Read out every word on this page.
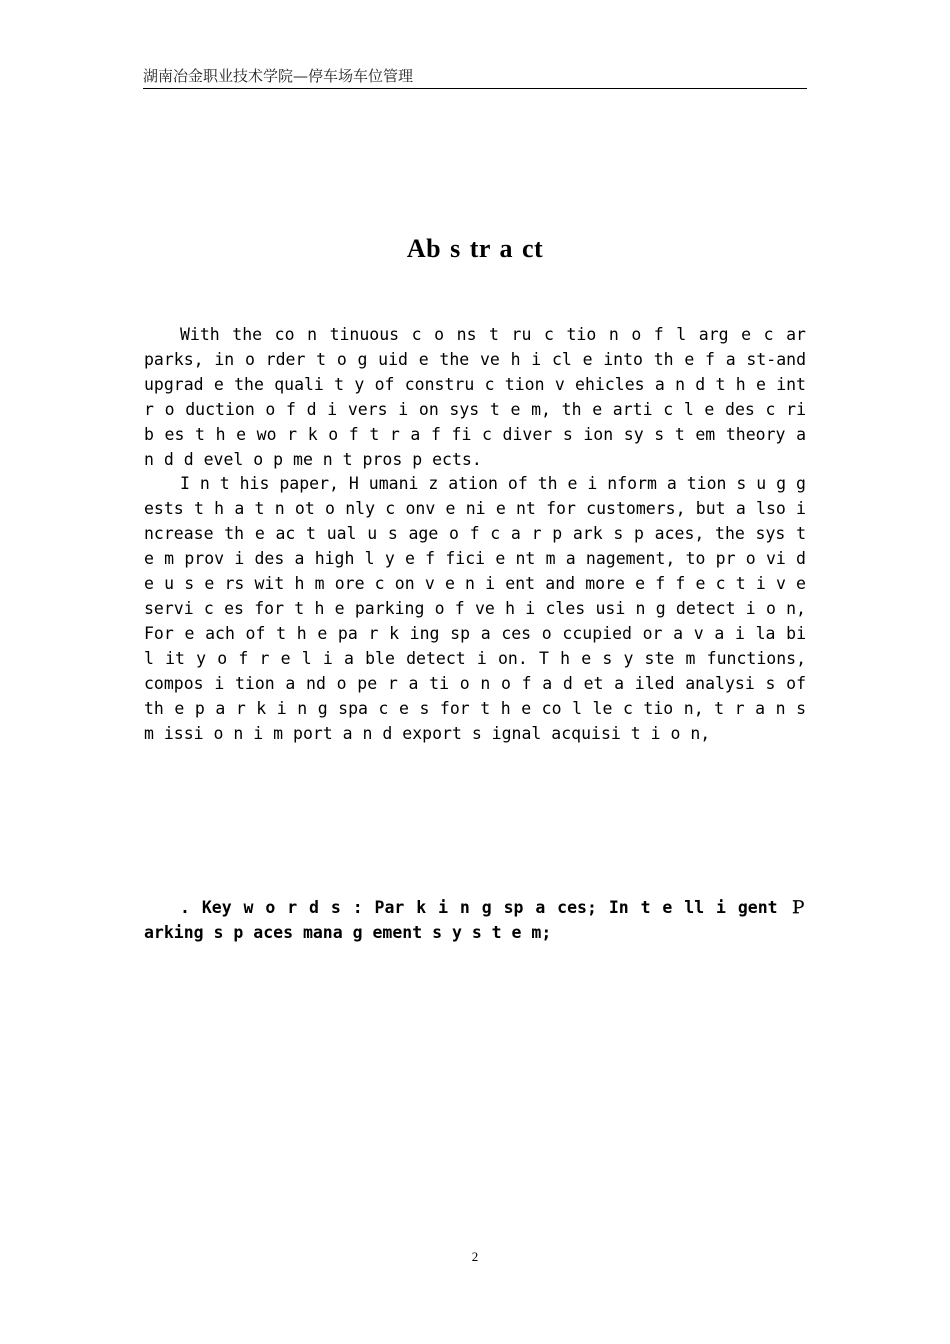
湖南冶金职业技术学院—停车场车位管理
Ab s tr a ct

With the co n tinuous c o ns t ru c tio n o f l arg e c ar parks, in o rder t o g uid e the ve h i cl e into th e f a st-and upgrad e the quali t y of constru c tion v ehicles a n d t h e int r o duction o f d i vers i on sys t e m, th e arti c l e des c ri b es t h e wo r k o f t r a f fi c diver s ion sy s t em theory a n d d evel o p me n t pros p ects.

I n t his paper, H umani z ation of th e i nform a tion s u g g ests t h a t n ot o nly c onv e ni e nt for customers, but a lso i ncrease th e ac t ual u s age o f c a r p ark s p aces, the sys t e m prov i des a high l y e f fici e nt m a nagement, to pr o vi d e u s e rs wit h m ore c on v e n i ent and more e f f e c t i v e servi c es for t h e parking o f ve h i cles usi n g detect i o n, For e ach of t h e pa r k ing sp a ces o ccupied or a v a i la bi l it y o f r e l i a ble detect i on. T h e s y ste m functions, compos i tion a nd o pe r a ti o n o f a d et a iled analysi s of th e p a r k i n g spa c e s for t h e co l le c tio n, t r a n s m issi o n i m port a n d export s ignal acquisi t i o n,

. Key w o r d s : Par k i n g sp a ces; In t e ll i gent Ｐarking s p aces mana g ement s y s t e m;
2
